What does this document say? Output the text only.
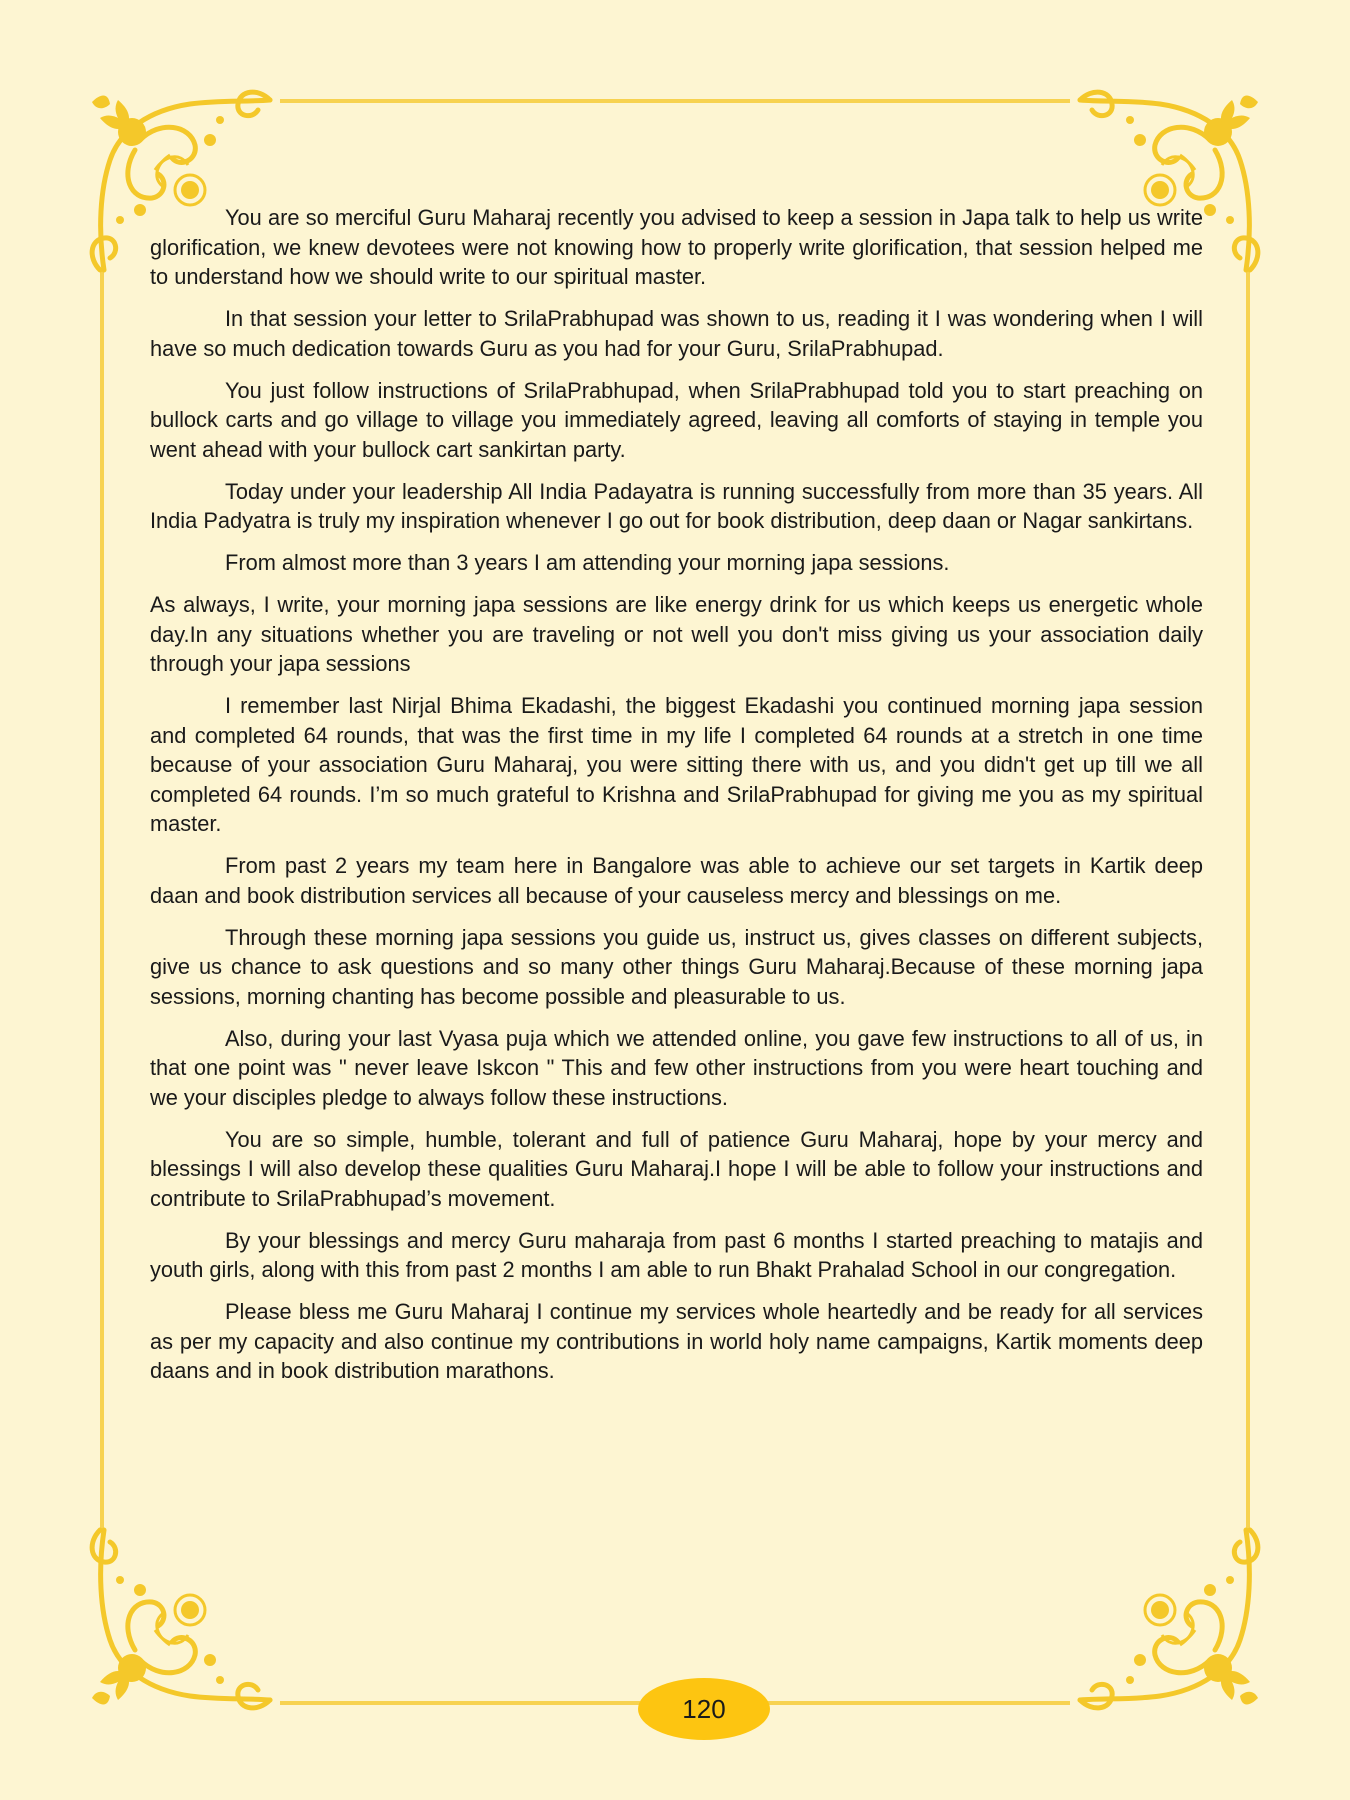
You are so merciful Guru Maharaj recently you advised to keep a session in Japa talk to help us write glorification, we knew devotees were not knowing how to properly write glorification, that session helped me to understand how we should write to our spiritual master.

In that session your letter to SrilaPrabhupad was shown to us, reading it I was wondering when I will have so much dedication towards Guru as you had for your Guru, SrilaPrabhupad.

You just follow instructions of SrilaPrabhupad, when SrilaPrabhupad told you to start preaching on bullock carts and go village to village you immediately agreed, leaving all comforts of staying in temple you went ahead with your bullock cart sankirtan party.

Today under your leadership All India Padayatra is running successfully from more than 35 years. All India Padyatra is truly my inspiration whenever I go out for book distribution, deep daan or Nagar sankirtans.

From almost more than 3 years I am attending your morning japa sessions.

As always, I write, your morning japa sessions are like energy drink for us which keeps us energetic whole day.In any situations whether you are traveling or not well you don't miss giving us your association daily through your japa sessions

I remember last Nirjal Bhima Ekadashi, the biggest Ekadashi you continued morning japa session and completed 64 rounds, that was the first time in my life I completed 64 rounds at a stretch in one time because of your association Guru Maharaj, you were sitting there with us, and you didn't get up till we all completed 64 rounds. I’m so much grateful to Krishna and SrilaPrabhupad for giving me you as my spiritual master.

From past 2 years my team here in Bangalore was able to achieve our set targets in Kartik deep daan and book distribution services all because of your causeless mercy and blessings on me.

Through these morning japa sessions you guide us, instruct us, gives classes on different subjects, give us chance to ask questions and so many other things Guru Maharaj.Because of these morning japa sessions, morning chanting has become possible and pleasurable to us.

Also, during your last Vyasa puja which we attended online, you gave few instructions to all of us, in that one point was " never leave Iskcon " This and few other instructions from you were heart touching and we your disciples pledge to always follow these instructions.

You are so simple, humble, tolerant and full of patience Guru Maharaj, hope by your mercy and blessings I will also develop these qualities Guru Maharaj.I hope I will be able to follow your instructions and contribute to SrilaPrabhupad’s movement.

By your blessings and mercy Guru maharaja from past 6 months I started preaching to matajis and youth girls, along with this from past 2 months I am able to run Bhakt Prahalad School in our congregation.

Please bless me Guru Maharaj I continue my services whole heartedly and be ready for all services as per my capacity and also continue my contributions in world holy name campaigns, Kartik moments deep daans and in book distribution marathons.

120
